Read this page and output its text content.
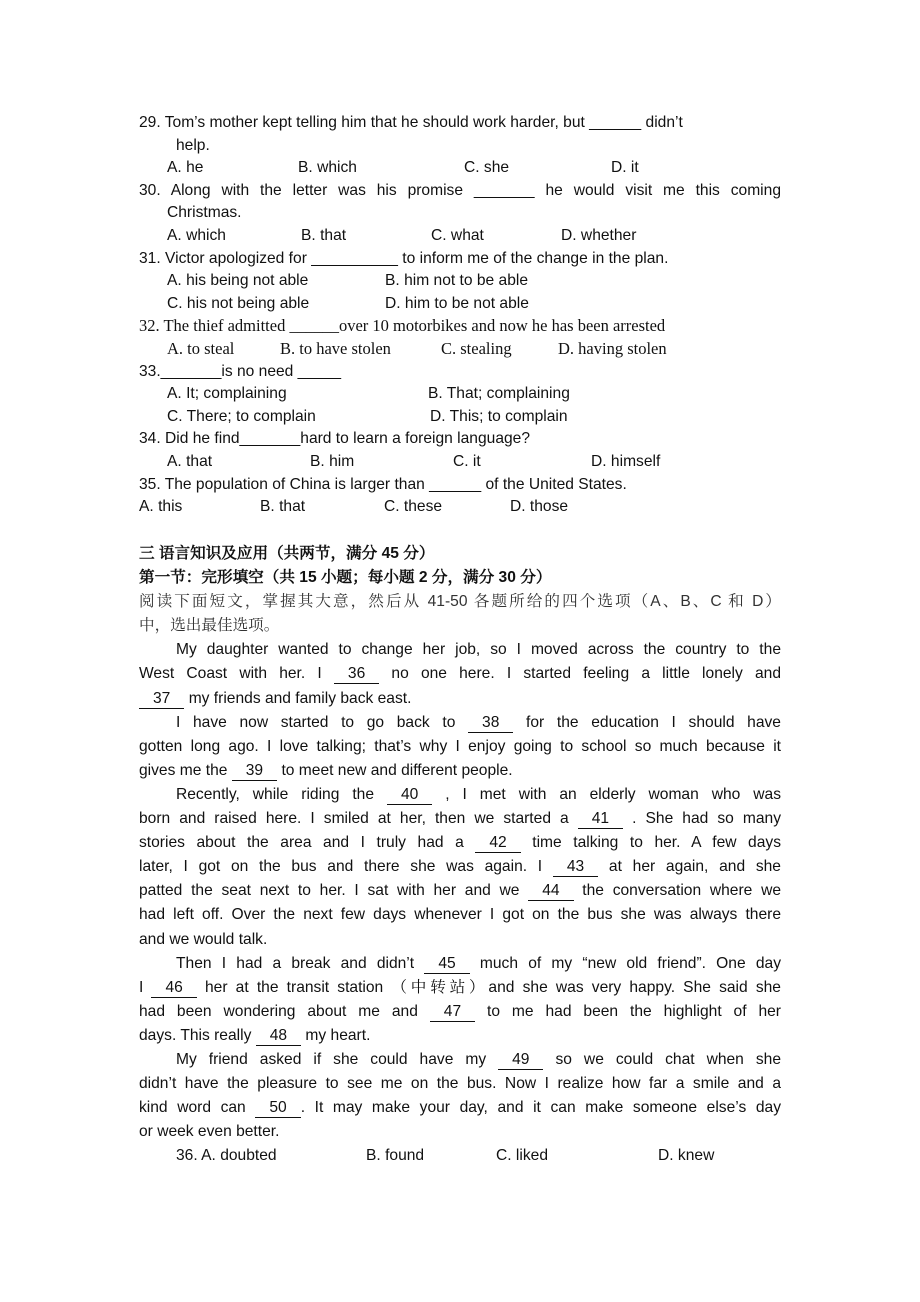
29. Tom’s mother kept telling him that he should work harder, but ______ didn’t
help.
A. he	B. which	C. she	D. it
30. Along with the letter was his promise _______ he would visit me this coming
Christmas.
A. which	B. that	C. what	D. whether
31. Victor apologized for __________ to inform me of the change in the plan.
A. his being not able	B. him not to be able
C. his not being able	D. him to be not able
32. The thief admitted ______over 10 motorbikes and now he has been arrested
A. to steal	B. to have stolen	C. stealing	D. having stolen
33._______is no need _____
A. It; complaining	B. That; complaining
C. There; to complain	D. This; to complain
34. Did he find_______hard to learn a foreign language?
A. that	B. him	C. it	D. himself
35. The population of China is larger than ______ of the United States.
A. this	B. that	C. these	D. those
三 语言知识及应用（共两节，满分 45 分）
第一节：完形填空（共 15 小题；每小题 2 分，满分 30 分）
阅读下面短文，掌握其大意，然后从 41-50 各题所给的四个选项（A、B、C 和 D）
中，选出最佳选项。
My daughter wanted to change her job, so I moved across the country to the
West Coast with her. I 36 no one here. I started feeling a little lonely and
37 my friends and family back east.
I have now started to go back to 38 for the education I should have
gotten long ago. I love talking; that’s why I enjoy going to school so much because it
gives me the 39 to meet new and different people.
Recently, while riding the 40 , I met with an elderly woman who was
born and raised here. I smiled at her, then we started a 41 . She had so many
stories about the area and I truly had a 42 time talking to her. A few days
later, I got on the bus and there she was again. I 43 at her again, and she
patted the seat next to her. I sat with her and we 44 the conversation where we
had left off. Over the next few days whenever I got on the bus she was always there
and we would talk.
Then I had a break and didn’t 45 much of my “new old friend”. One day
I 46 her at the transit station （中转站）and she was very happy. She said she
had been wondering about me and 47 to me had been the highlight of her
days. This really 48 my heart.
My friend asked if she could have my 49 so we could chat when she
didn’t have the pleasure to see me on the bus. Now I realize how far a smile and a
kind word can 50 . It may make your day, and it can make someone else’s day
or week even better.
36. A. doubted	B. found	C. liked	D. knew
